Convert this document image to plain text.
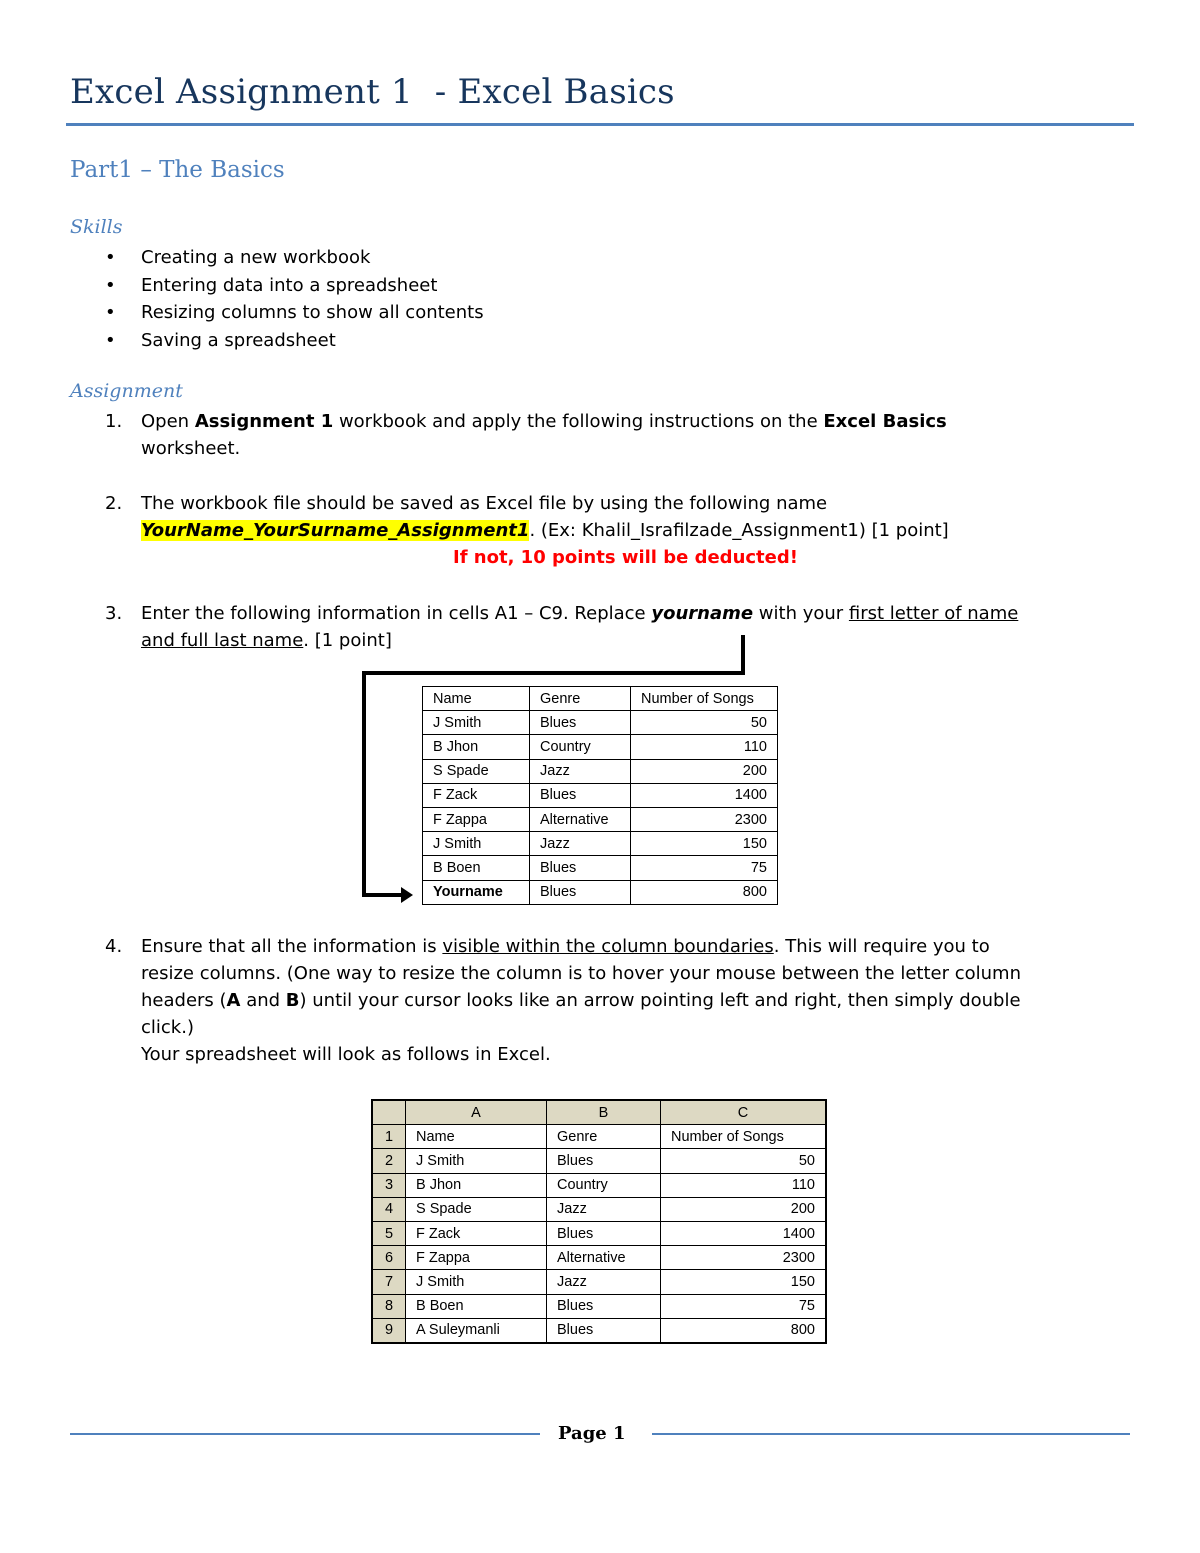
Excel Assignment 1  - Excel Basics
Part1 – The Basics
Skills
• Creating a new workbook
• Entering data into a spreadsheet
• Resizing columns to show all contents
• Saving a spreadsheet
Assignment
1. Open Assignment 1 workbook and apply the following instructions on the Excel Basics
worksheet.
2. The workbook file should be saved as Excel file by using the following name
YourName_YourSurname_Assignment1. (Ex: Khalil_Israfilzade_Assignment1) [1 point]

If not, 10 points will be deducted!
3. Enter the following information in cells A1 – C9. Replace yourname with your first letter of name
and full last name. [1 point]
Name	Genre	Number of Songs
J Smith	Blues	50
B Jhon	Country	110
S Spade	Jazz	200
F Zack	Blues	1400
F Zappa	Alternative	2300
J Smith	Jazz	150
B Boen	Blues	75
Yourname	Blues	800
4. Ensure that all the information is visible within the column boundaries. This will require you to
resize columns. (One way to resize the column is to hover your mouse between the letter column
headers (A and B) until your cursor looks like an arrow pointing left and right, then simply double
click.)
Your spreadsheet will look as follows in Excel.
	A	B	C
1	Name	Genre	Number of Songs
2	J Smith	Blues	50
3	B Jhon	Country	110
4	S Spade	Jazz	200
5	F Zack	Blues	1400
6	F Zappa	Alternative	2300
7	J Smith	Jazz	150
8	B Boen	Blues	75
9	A Suleymanli	Blues	800
Page 1
